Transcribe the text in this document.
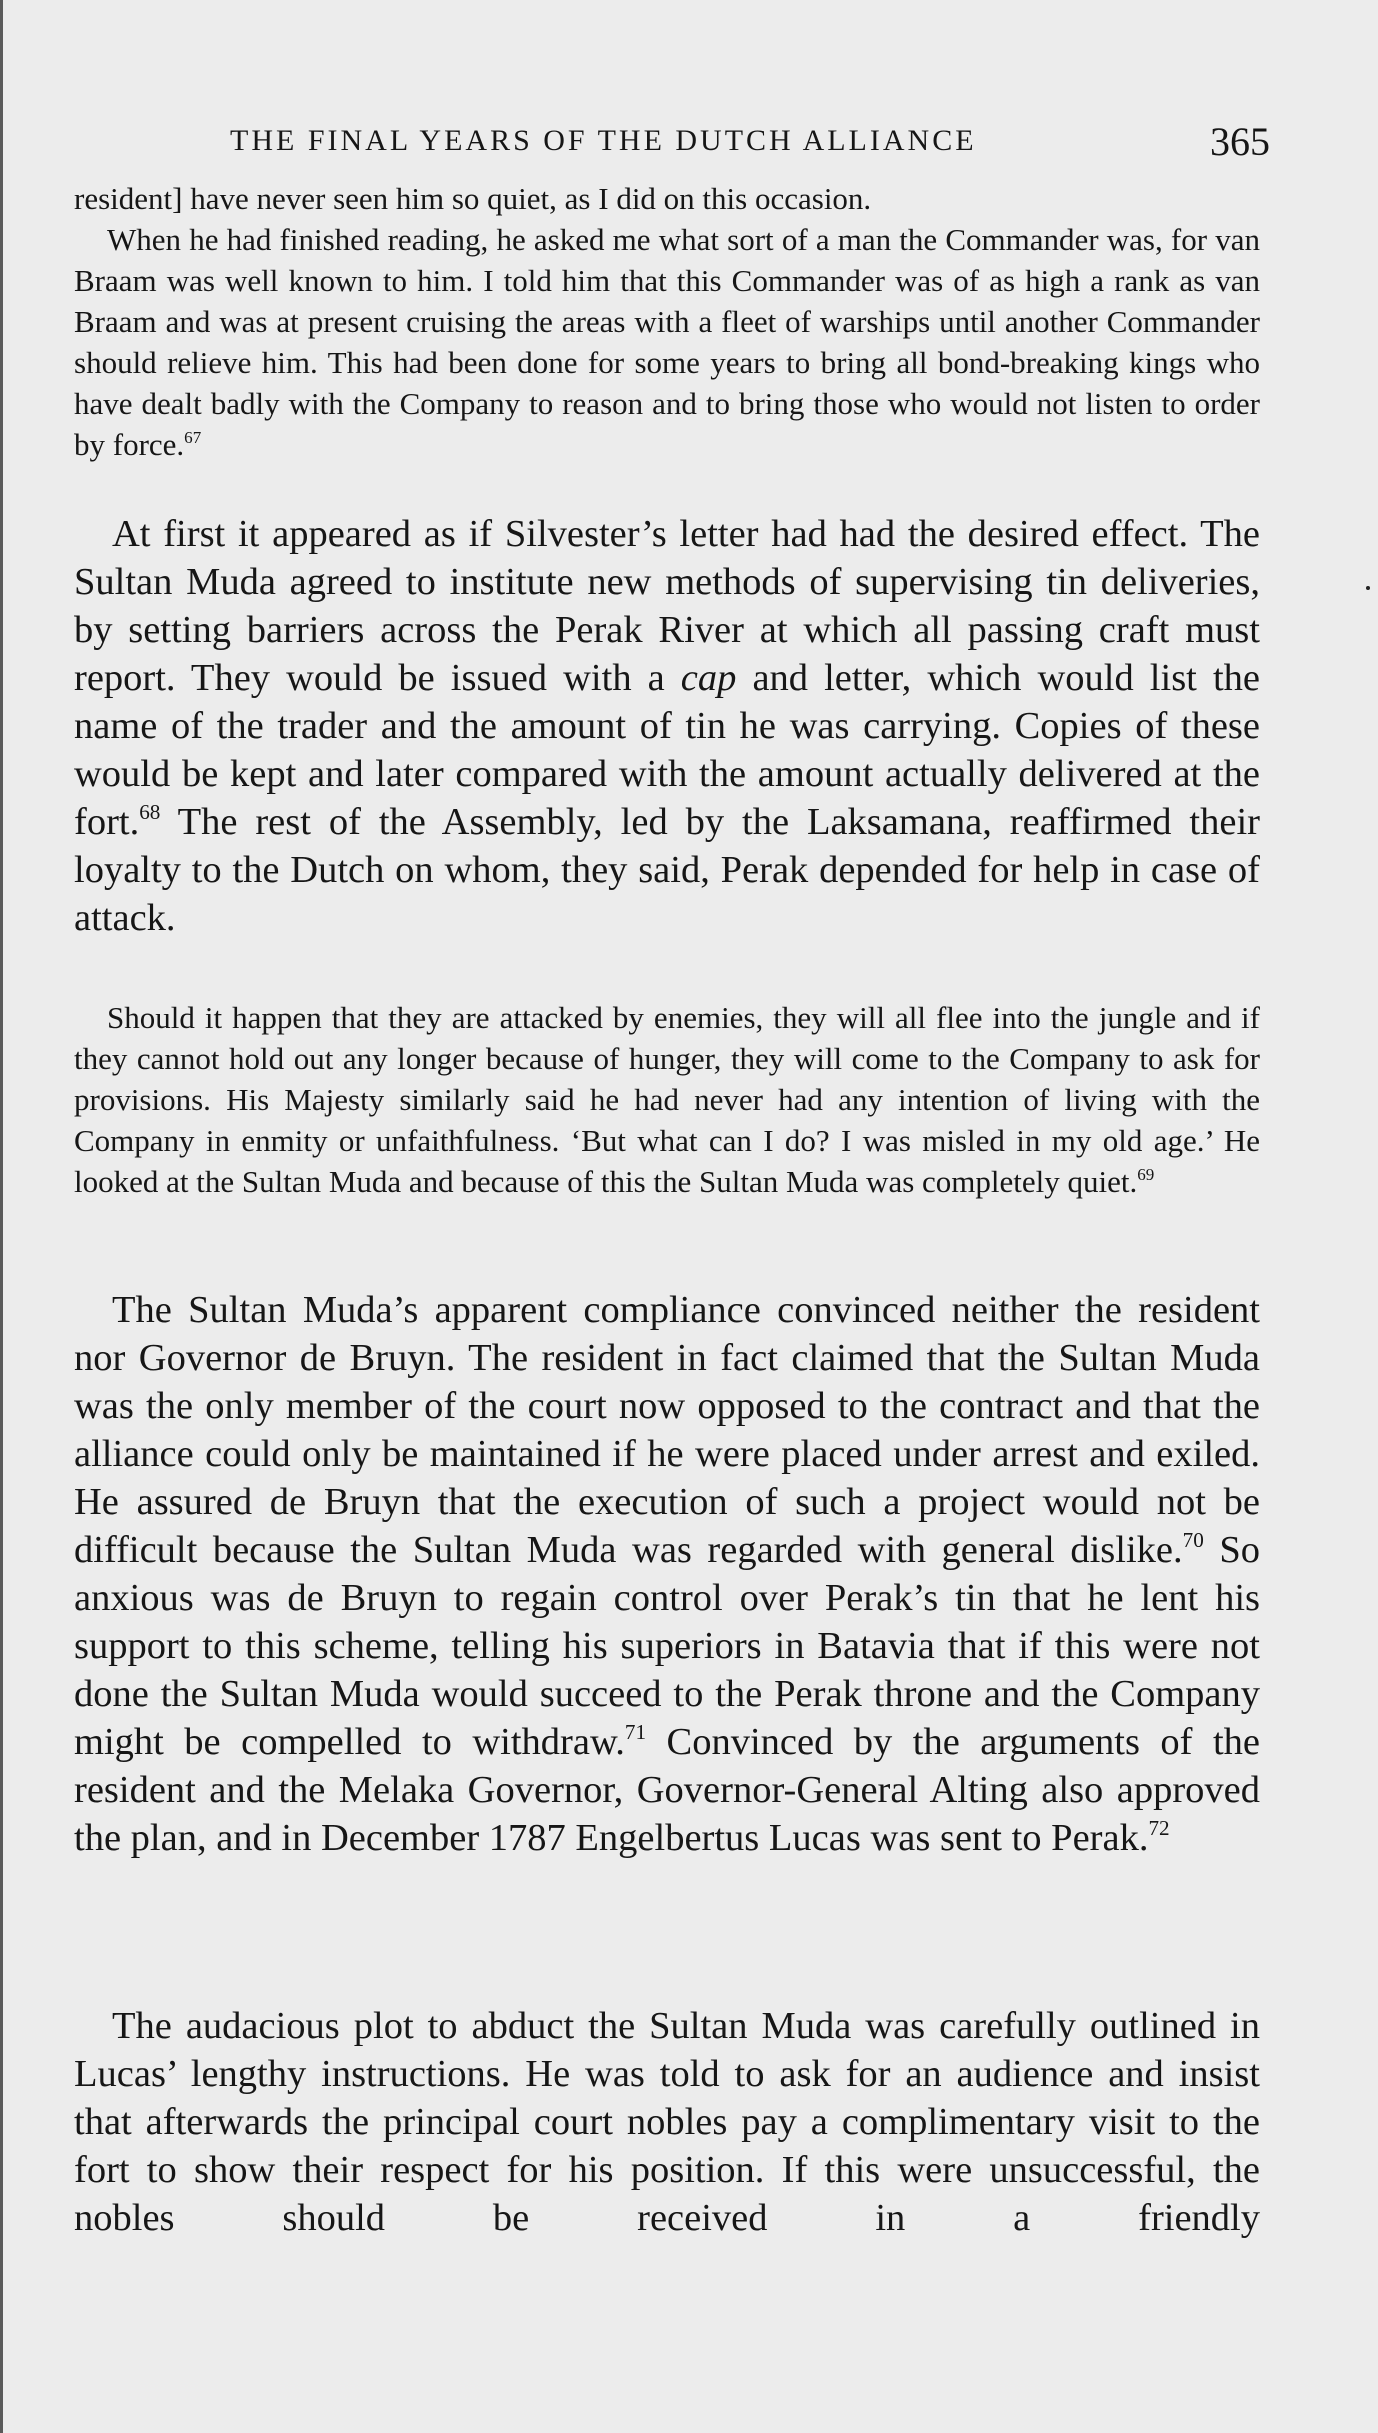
THE FINAL YEARS OF THE DUTCH ALLIANCE	365

resident] have never seen him so quiet, as I did on this occasion.

When he had finished reading, he asked me what sort of a man the Commander was, for van Braam was well known to him. I told him that this Commander was of as high a rank as van Braam and was at present cruising the areas with a fleet of warships until another Commander should relieve him. This had been done for some years to bring all bond-breaking kings who have dealt badly with the Company to reason and to bring those who would not listen to order by force.$^{67}$

At first it appeared as if Silvester’s letter had had the desired effect. The Sultan Muda agreed to institute new methods of supervising tin deliveries, by setting barriers across the Perak River at which all passing craft must report. They would be issued with a cap and letter, which would list the name of the trader and the amount of tin he was carrying. Copies of these would be kept and later compared with the amount actually delivered at the fort.$^{68}$ The rest of the Assembly, led by the Laksamana, reaffirmed their loyalty to the Dutch on whom, they said, Perak depended for help in case of attack.

Should it happen that they are attacked by enemies, they will all flee into the jungle and if they cannot hold out any longer because of hunger, they will come to the Company to ask for provisions. His Majesty similarly said he had never had any intention of living with the Company in enmity or unfaithfulness. ‘But what can I do? I was misled in my old age.’ He looked at the Sultan Muda and because of this the Sultan Muda was completely quiet.$^{69}$

The Sultan Muda’s apparent compliance convinced neither the resident nor Governor de Bruyn. The resident in fact claimed that the Sultan Muda was the only member of the court now opposed to the contract and that the alliance could only be maintained if he were placed under arrest and exiled. He assured de Bruyn that the execution of such a project would not be difficult because the Sultan Muda was regarded with general dislike.$^{70}$ So anxious was de Bruyn to regain control over Perak’s tin that he lent his support to this scheme, telling his superiors in Batavia that if this were not done the Sultan Muda would succeed to the Perak throne and the Company might be compelled to withdraw.$^{71}$ Convinced by the arguments of the resident and the Melaka Governor, Governor-General Alting also approved the plan, and in December 1787 Engelbertus Lucas was sent to Perak.$^{72}$

The audacious plot to abduct the Sultan Muda was carefully outlined in Lucas’ lengthy instructions. He was told to ask for an audience and insist that afterwards the principal court nobles pay a complimentary visit to the fort to show their respect for his position. If this were unsuccessful, the nobles should be received in a friendly
